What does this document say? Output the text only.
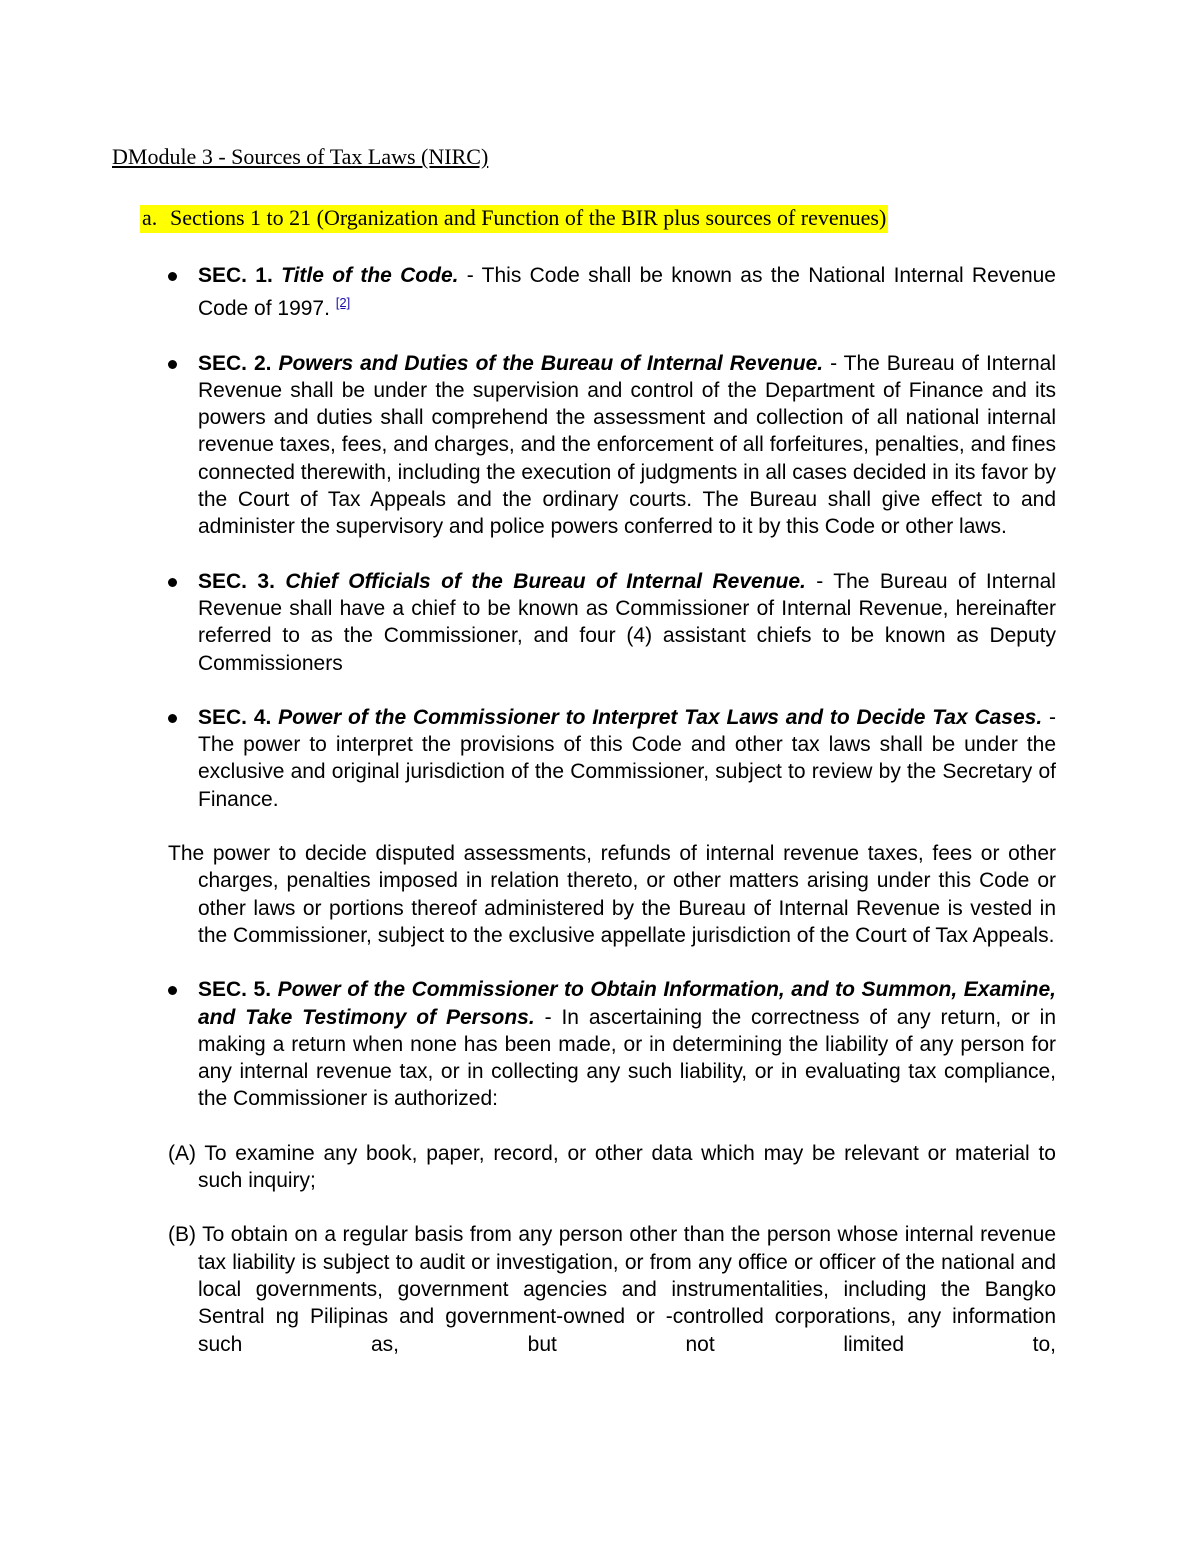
DModule 3 - Sources of Tax Laws (NIRC)
a. Sections 1 to 21 (Organization and Function of the BIR plus sources of revenues)
SEC. 1. Title of the Code. - This Code shall be known as the National Internal Revenue Code of 1997. [2]
SEC. 2. Powers and Duties of the Bureau of Internal Revenue. - The Bureau of Internal Revenue shall be under the supervision and control of the Department of Finance and its powers and duties shall comprehend the assessment and collection of all national internal revenue taxes, fees, and charges, and the enforcement of all forfeitures, penalties, and fines connected therewith, including the execution of judgments in all cases decided in its favor by the Court of Tax Appeals and the ordinary courts. The Bureau shall give effect to and administer the supervisory and police powers conferred to it by this Code or other laws.
SEC. 3. Chief Officials of the Bureau of Internal Revenue. - The Bureau of Internal Revenue shall have a chief to be known as Commissioner of Internal Revenue, hereinafter referred to as the Commissioner, and four (4) assistant chiefs to be known as Deputy Commissioners
SEC. 4. Power of the Commissioner to Interpret Tax Laws and to Decide Tax Cases. - The power to interpret the provisions of this Code and other tax laws shall be under the exclusive and original jurisdiction of the Commissioner, subject to review by the Secretary of Finance.

The power to decide disputed assessments, refunds of internal revenue taxes, fees or other charges, penalties imposed in relation thereto, or other matters arising under this Code or other laws or portions thereof administered by the Bureau of Internal Revenue is vested in the Commissioner, subject to the exclusive appellate jurisdiction of the Court of Tax Appeals.

SEC. 5. Power of the Commissioner to Obtain Information, and to Summon, Examine, and Take Testimony of Persons. - In ascertaining the correctness of any return, or in making a return when none has been made, or in determining the liability of any person for any internal revenue tax, or in collecting any such liability, or in evaluating tax compliance, the Commissioner is authorized:

(A) To examine any book, paper, record, or other data which may be relevant or material to such inquiry;

(B) To obtain on a regular basis from any person other than the person whose internal revenue tax liability is subject to audit or investigation, or from any office or officer of the national and local governments, government agencies and instrumentalities, including the Bangko Sentral ng Pilipinas and government-owned or -controlled corporations, any information such as, but not limited to,
